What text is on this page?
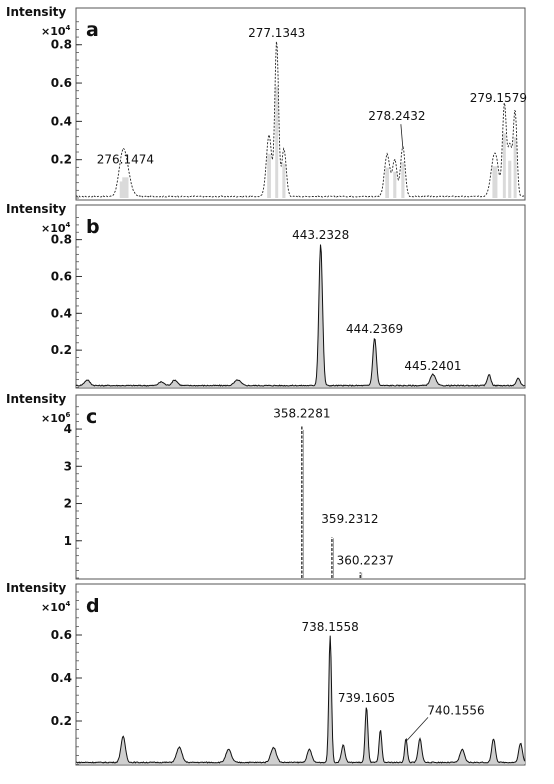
Intensity
$\times 10^4$ a
0.2
0.4
0.6
0.8
276.1474
277.1343
278.2432
279.1579
Intensity
$\times 10^4$ b
0.2
0.4
0.6
0.8	443.2328
444.2369
445.2401
Intensity
$\times 10^6$ c
1
2
3
4
358.2281
359.2312
360.2237
Intensity
$\times 10^4$ d
0.2
0.4
0.6
738.1558
739.1605
740.1556
